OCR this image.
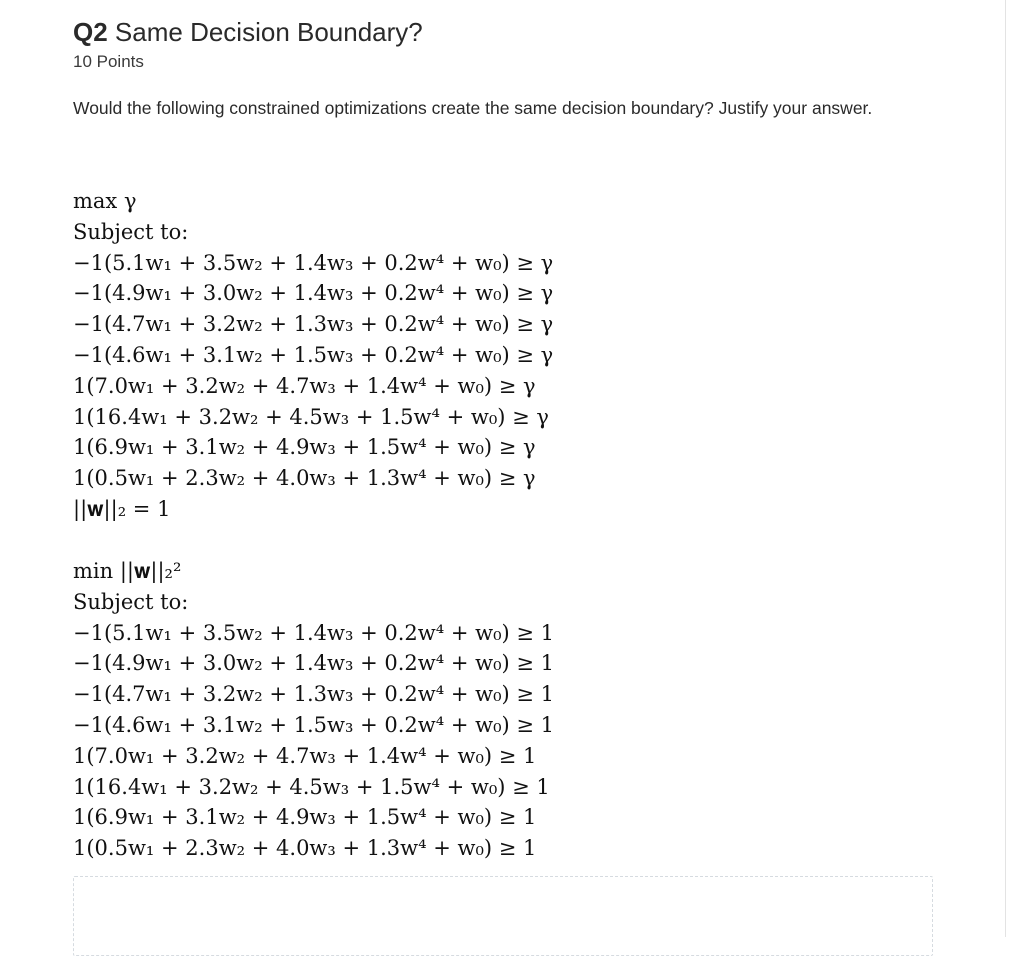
Q2 Same Decision Boundary?
10 Points
Would the following constrained optimizations create the same decision boundary? Justify your answer.
max γ
Subject to:
−1(5.1w₁ + 3.5w₂ + 1.4w₃ + 0.2w⁴ + w₀) ≥ γ
−1(4.9w₁ + 3.0w₂ + 1.4w₃ + 0.2w⁴ + w₀) ≥ γ
−1(4.7w₁ + 3.2w₂ + 1.3w₃ + 0.2w⁴ + w₀) ≥ γ
−1(4.6w₁ + 3.1w₂ + 1.5w₃ + 0.2w⁴ + w₀) ≥ γ
1(7.0w₁ + 3.2w₂ + 4.7w₃ + 1.4w⁴ + w₀) ≥ γ
1(16.4w₁ + 3.2w₂ + 4.5w₃ + 1.5w⁴ + w₀) ≥ γ
1(6.9w₁ + 3.1w₂ + 4.9w₃ + 1.5w⁴ + w₀) ≥ γ
1(0.5w₁ + 2.3w₂ + 4.0w₃ + 1.3w⁴ + w₀) ≥ γ
||𝐰||₂ = 1
min ||𝐰||₂²
Subject to:
−1(5.1w₁ + 3.5w₂ + 1.4w₃ + 0.2w⁴ + w₀) ≥ 1
−1(4.9w₁ + 3.0w₂ + 1.4w₃ + 0.2w⁴ + w₀) ≥ 1
−1(4.7w₁ + 3.2w₂ + 1.3w₃ + 0.2w⁴ + w₀) ≥ 1
−1(4.6w₁ + 3.1w₂ + 1.5w₃ + 0.2w⁴ + w₀) ≥ 1
1(7.0w₁ + 3.2w₂ + 4.7w₃ + 1.4w⁴ + w₀) ≥ 1
1(16.4w₁ + 3.2w₂ + 4.5w₃ + 1.5w⁴ + w₀) ≥ 1
1(6.9w₁ + 3.1w₂ + 4.9w₃ + 1.5w⁴ + w₀) ≥ 1
1(0.5w₁ + 2.3w₂ + 4.0w₃ + 1.3w⁴ + w₀) ≥ 1
